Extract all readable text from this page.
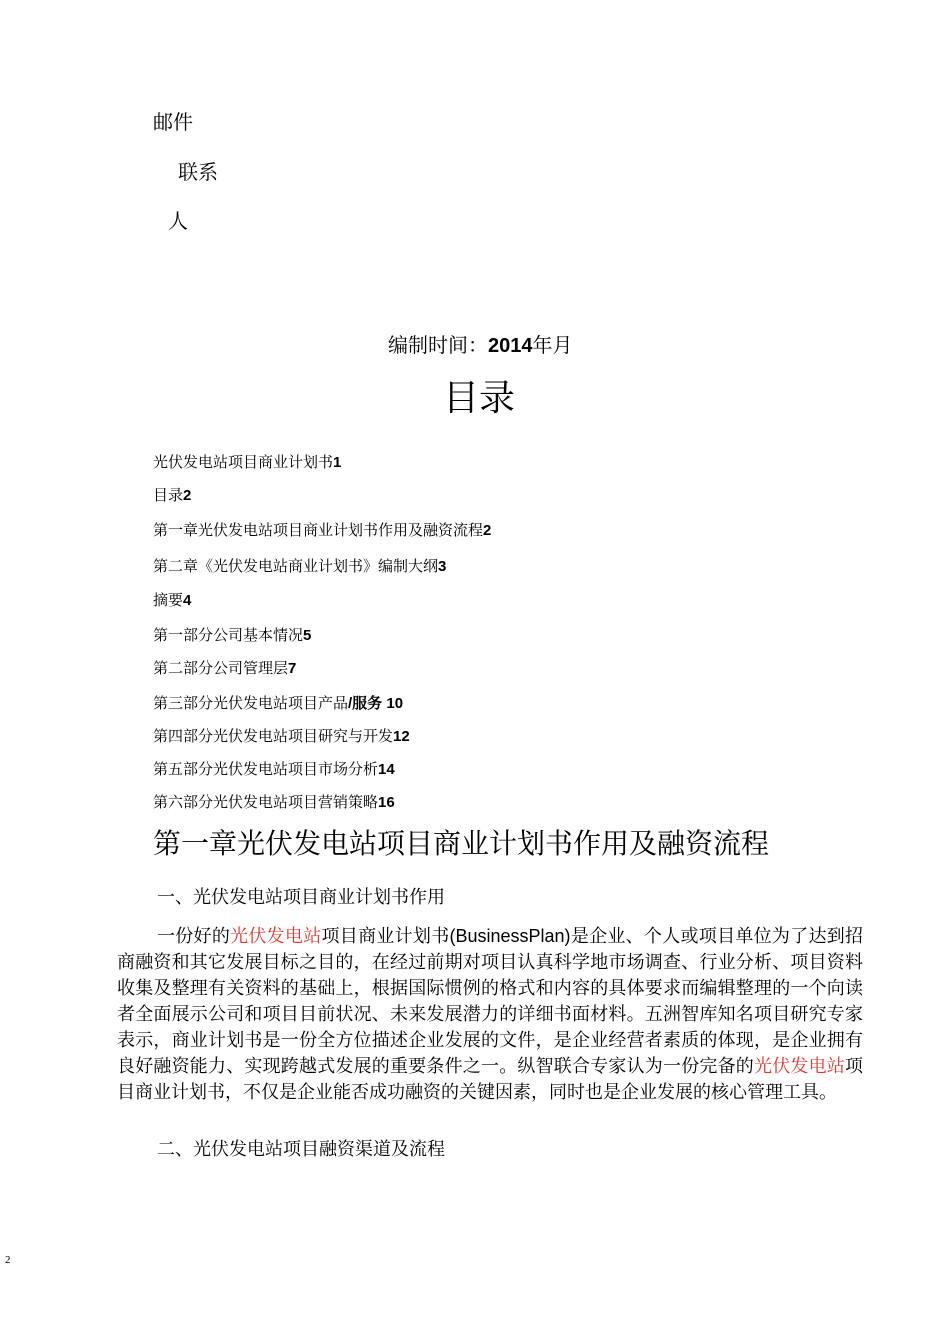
邮件
联系
人
编制时间：2014年月
目录
光伏发电站项目商业计划书1
目录2
第一章光伏发电站项目商业计划书作用及融资流程2
第二章《光伏发电站商业计划书》编制大纲3
摘要4
第一部分公司基本情况5
第二部分公司管理层7
第三部分光伏发电站项目产品/服务 10
第四部分光伏发电站项目研究与开发12
第五部分光伏发电站项目市场分析14
第六部分光伏发电站项目营销策略16
第一章光伏发电站项目商业计划书作用及融资流程
一、光伏发电站项目商业计划书作用
一份好的光伏发电站项目商业计划书(BusinessPlan)是企业、个人或项目单位为了达到招商融资和其它发展目标之目的，在经过前期对项目认真科学地市场调查、行业分析、项目资料收集及整理有关资料的基础上，根据国际惯例的格式和内容的具体要求而编辑整理的一个向读者全面展示公司和项目目前状况、未来发展潜力的详细书面材料。五洲智库知名项目研究专家表示，商业计划书是一份全方位描述企业发展的文件，是企业经营者素质的体现，是企业拥有良好融资能力、实现跨越式发展的重要条件之一。纵智联合专家认为一份完备的光伏发电站项目商业计划书，不仅是企业能否成功融资的关键因素，同时也是企业发展的核心管理工具。
二、光伏发电站项目融资渠道及流程
2
